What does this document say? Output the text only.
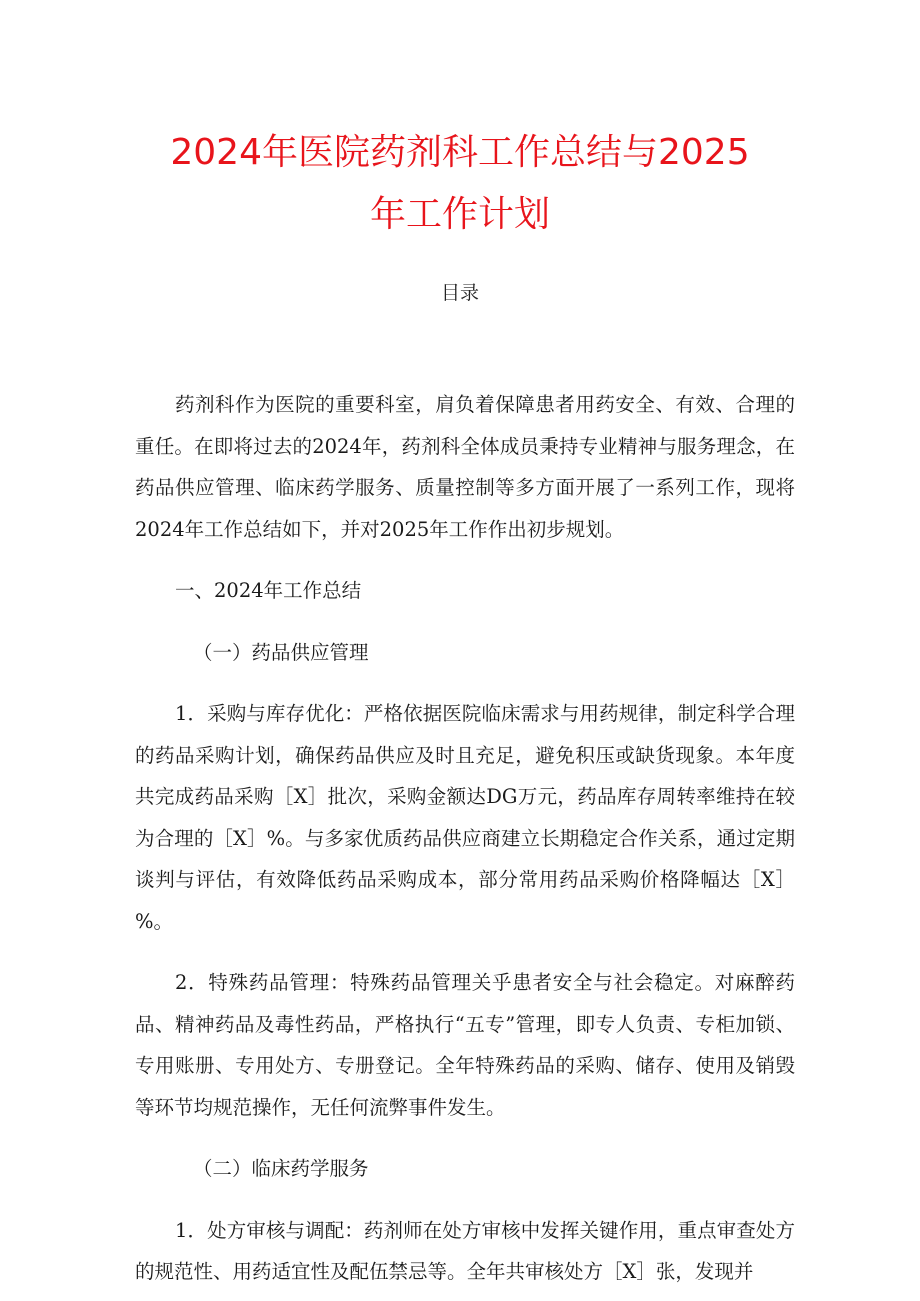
2024年医院药剂科工作总结与2025
年工作计划
目录

药剂科作为医院的重要科室，肩负着保障患者用药安全、有效、合理的重任。在即将过去的2024年，药剂科全体成员秉持专业精神与服务理念，在药品供应管理、临床药学服务、质量控制等多方面开展了一系列工作，现将2024年工作总结如下，并对2025年工作作出初步规划。

一、2024年工作总结

（一）药品供应管理

1．采购与库存优化：严格依据医院临床需求与用药规律，制定科学合理的药品采购计划，确保药品供应及时且充足，避免积压或缺货现象。本年度共完成药品采购［X］批次，采购金额达DG万元，药品库存周转率维持在较为合理的［X］%。与多家优质药品供应商建立长期稳定合作关系，通过定期谈判与评估，有效降低药品采购成本，部分常用药品采购价格降幅达［X］%。

2．特殊药品管理：特殊药品管理关乎患者安全与社会稳定。对麻醉药品、精神药品及毒性药品，严格执行“五专”管理，即专人负责、专柜加锁、专用账册、专用处方、专册登记。全年特殊药品的采购、储存、使用及销毁等环节均规范操作，无任何流弊事件发生。

（二）临床药学服务

1．处方审核与调配：药剂师在处方审核中发挥关键作用，重点审查处方的规范性、用药适宜性及配伍禁忌等。全年共审核处方［X］张，发现并
